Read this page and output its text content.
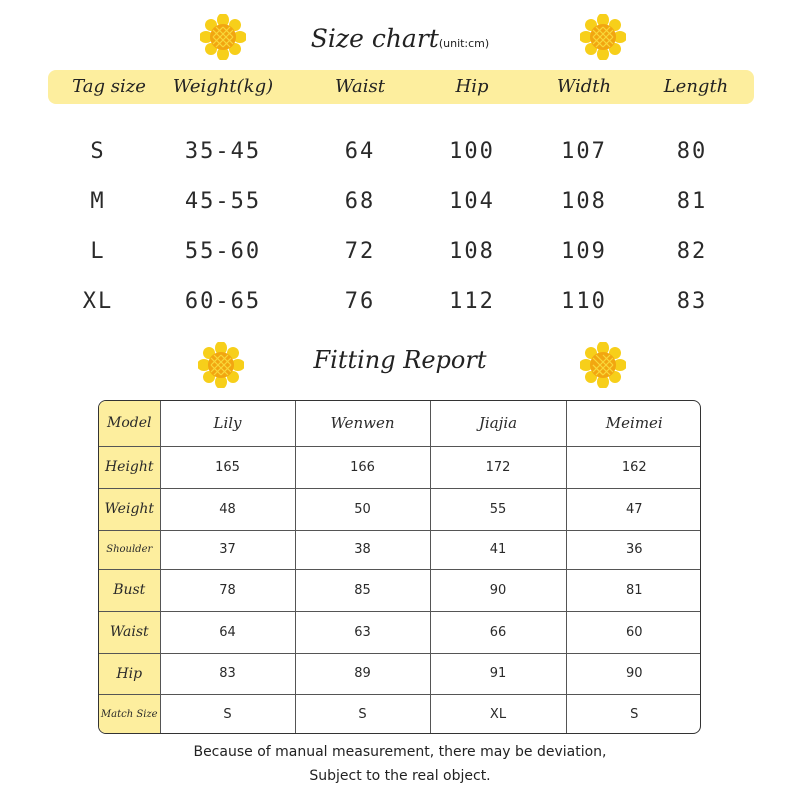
Size chart(unit:cm)
Tag size	Weight(kg)	Waist	Hip	Width	Length
S	35-45	64	100	107	80
M	45-55	68	104	108	81
L	55-60	72	108	109	82
XL	60-65	76	112	110	83
Fitting Report
Model	Lily	Wenwen	Jiajia	Meimei
Height	165	166	172	162
Weight	48	50	55	47
Shoulder	37	38	41	36
Bust	78	85	90	81
Waist	64	63	66	60
Hip	83	89	91	90
Match Size	S	S	XL	S
Because of manual measurement, there may be deviation,
Subject to the real object.
